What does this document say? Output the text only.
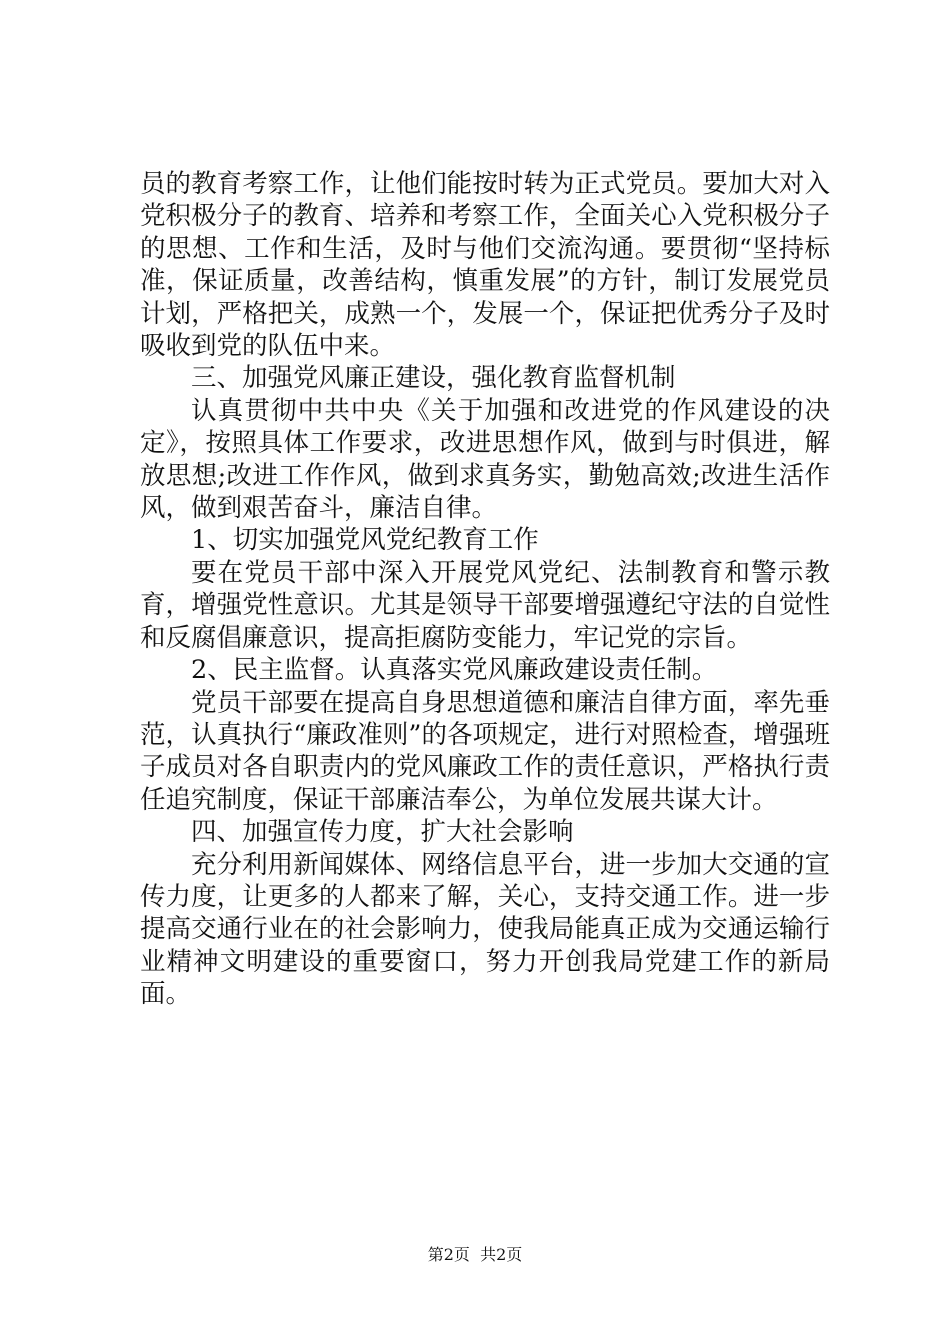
员的教育考察工作，让他们能按时转为正式党员。要加大对入党积极分子的教育、培养和考察工作，全面关心入党积极分子的思想、工作和生活，及时与他们交流沟通。要贯彻“坚持标准，保证质量，改善结构，慎重发展”的方针，制订发展党员计划，严格把关，成熟一个，发展一个，保证把优秀分子及时吸收到党的队伍中来。

三、加强党风廉正建设，强化教育监督机制

认真贯彻中共中央《关于加强和改进党的作风建设的决定》，按照具体工作要求，改进思想作风，做到与时俱进，解放思想;改进工作作风，做到求真务实，勤勉高效;改进生活作风，做到艰苦奋斗，廉洁自律。

1、切实加强党风党纪教育工作

要在党员干部中深入开展党风党纪、法制教育和警示教育，增强党性意识。尤其是领导干部要增强遵纪守法的自觉性和反腐倡廉意识，提高拒腐防变能力，牢记党的宗旨。

2、民主监督。认真落实党风廉政建设责任制。

党员干部要在提高自身思想道德和廉洁自律方面，率先垂范，认真执行“廉政准则”的各项规定，进行对照检查，增强班子成员对各自职责内的党风廉政工作的责任意识，严格执行责任追究制度，保证干部廉洁奉公，为单位发展共谋大计。

四、加强宣传力度，扩大社会影响

充分利用新闻媒体、网络信息平台，进一步加大交通的宣传力度，让更多的人都来了解，关心，支持交通工作。进一步提高交通行业在的社会影响力，使我局能真正成为交通运输行业精神文明建设的重要窗口，努力开创我局党建工作的新局面。

第2页  共2页
